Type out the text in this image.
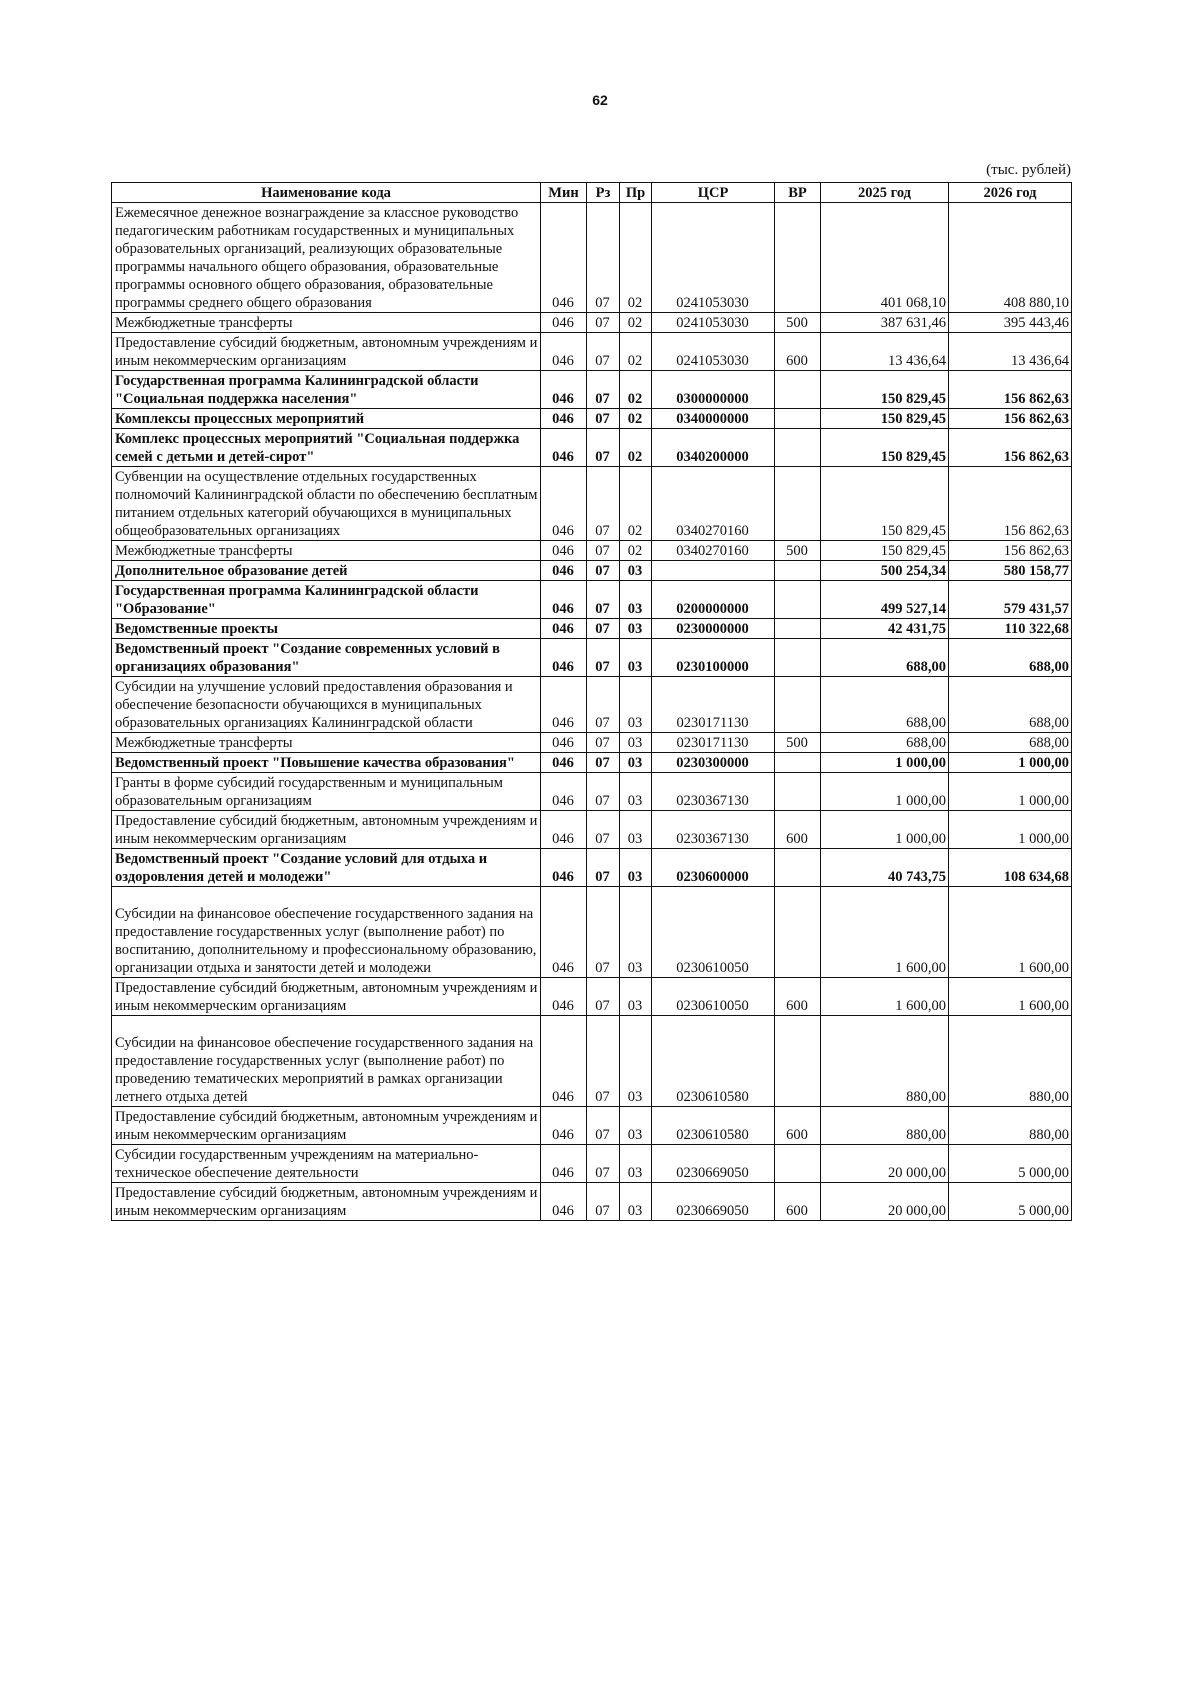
62
(тыс. рублей)
Наименование кода	Мин	Рз	Пр	ЦСР	ВР	2025 год	2026 год
Ежемесячное денежное вознаграждение за классное руководство педагогическим работникам государственных и муниципальных образовательных организаций, реализующих образовательные программы начального общего образования, образовательные программы основного общего образования, образовательные программы среднего общего образования	046	07	02	0241053030		401 068,10	408 880,10
Межбюджетные трансферты	046	07	02	0241053030	500	387 631,46	395 443,46
Предоставление субсидий бюджетным, автономным учреждениям и иным некоммерческим организациям	046	07	02	0241053030	600	13 436,64	13 436,64
Государственная программа Калининградской области "Социальная поддержка населения"	046	07	02	0300000000		150 829,45	156 862,63
Комплексы процессных мероприятий	046	07	02	0340000000		150 829,45	156 862,63
Комплекс процессных мероприятий "Социальная поддержка семей с детьми и детей-сирот"	046	07	02	0340200000		150 829,45	156 862,63
Субвенции на осуществление отдельных государственных полномочий Калининградской области по обеспечению бесплатным питанием отдельных категорий обучающихся в муниципальных общеобразовательных организациях	046	07	02	0340270160		150 829,45	156 862,63
Межбюджетные трансферты	046	07	02	0340270160	500	150 829,45	156 862,63
Дополнительное образование детей	046	07	03			500 254,34	580 158,77
Государственная программа Калининградской области "Образование"	046	07	03	0200000000		499 527,14	579 431,57
Ведомственные проекты	046	07	03	0230000000		42 431,75	110 322,68
Ведомственный проект "Создание современных условий в организациях образования"	046	07	03	0230100000		688,00	688,00
Субсидии на улучшение условий предоставления образования и обеспечение безопасности обучающихся в муниципальных образовательных организациях Калининградской области	046	07	03	0230171130		688,00	688,00
Межбюджетные трансферты	046	07	03	0230171130	500	688,00	688,00
Ведомственный проект "Повышение качества образования"	046	07	03	0230300000		1 000,00	1 000,00
Гранты в форме субсидий государственным и муниципальным образовательным организациям	046	07	03	0230367130		1 000,00	1 000,00
Предоставление субсидий бюджетным, автономным учреждениям и иным некоммерческим организациям	046	07	03	0230367130	600	1 000,00	1 000,00
Ведомственный проект "Создание условий для отдыха и оздоровления детей и молодежи"	046	07	03	0230600000		40 743,75	108 634,68
Субсидии на финансовое обеспечение государственного задания на предоставление государственных услуг (выполнение работ) по воспитанию, дополнительному и профессиональному образованию, организации отдыха и занятости детей и молодежи	046	07	03	0230610050		1 600,00	1 600,00
Предоставление субсидий бюджетным, автономным учреждениям и иным некоммерческим организациям	046	07	03	0230610050	600	1 600,00	1 600,00
Субсидии на финансовое обеспечение государственного задания на предоставление государственных услуг (выполнение работ) по проведению тематических мероприятий в рамках организации летнего отдыха детей	046	07	03	0230610580		880,00	880,00
Предоставление субсидий бюджетным, автономным учреждениям и иным некоммерческим организациям	046	07	03	0230610580	600	880,00	880,00
Субсидии государственным учреждениям на материально-техническое обеспечение деятельности	046	07	03	0230669050		20 000,00	5 000,00
Предоставление субсидий бюджетным, автономным учреждениям и иным некоммерческим организациям	046	07	03	0230669050	600	20 000,00	5 000,00
